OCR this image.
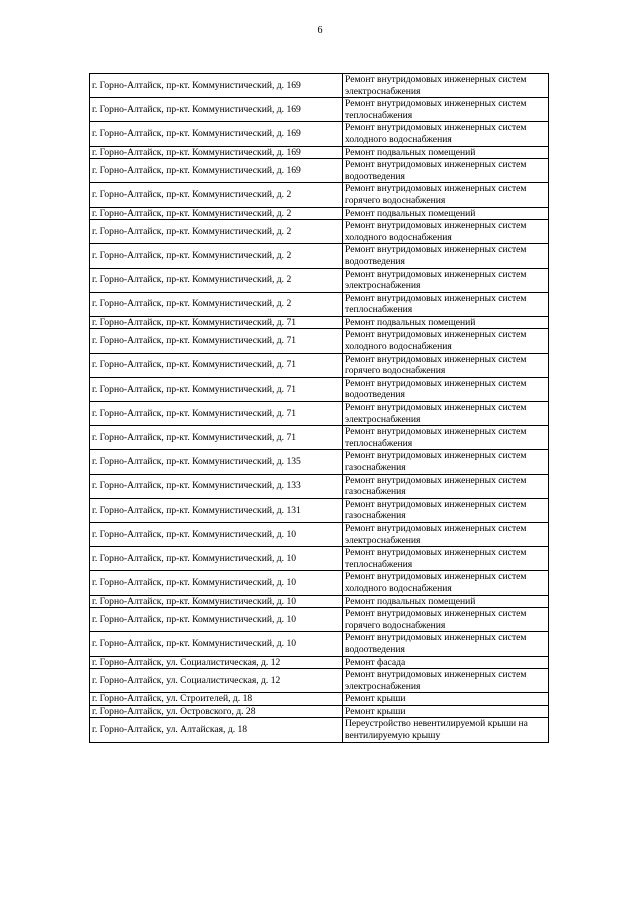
6
г. Горно-Алтайск, пр-кт. Коммунистический, д. 169	Ремонт внутридомовых инженерных систем электроснабжения
г. Горно-Алтайск, пр-кт. Коммунистический, д. 169	Ремонт внутридомовых инженерных систем теплоснабжения
г. Горно-Алтайск, пр-кт. Коммунистический, д. 169	Ремонт внутридомовых инженерных систем холодного водоснабжения
г. Горно-Алтайск, пр-кт. Коммунистический, д. 169	Ремонт подвальных помещений
г. Горно-Алтайск, пр-кт. Коммунистический, д. 169	Ремонт внутридомовых инженерных систем водоотведения
г. Горно-Алтайск, пр-кт. Коммунистический, д. 2	Ремонт внутридомовых инженерных систем горячего водоснабжения
г. Горно-Алтайск, пр-кт. Коммунистический, д. 2	Ремонт подвальных помещений
г. Горно-Алтайск, пр-кт. Коммунистический, д. 2	Ремонт внутридомовых инженерных систем холодного водоснабжения
г. Горно-Алтайск, пр-кт. Коммунистический, д. 2	Ремонт внутридомовых инженерных систем водоотведения
г. Горно-Алтайск, пр-кт. Коммунистический, д. 2	Ремонт внутридомовых инженерных систем электроснабжения
г. Горно-Алтайск, пр-кт. Коммунистический, д. 2	Ремонт внутридомовых инженерных систем теплоснабжения
г. Горно-Алтайск, пр-кт. Коммунистический, д. 71	Ремонт подвальных помещений
г. Горно-Алтайск, пр-кт. Коммунистический, д. 71	Ремонт внутридомовых инженерных систем холодного водоснабжения
г. Горно-Алтайск, пр-кт. Коммунистический, д. 71	Ремонт внутридомовых инженерных систем горячего водоснабжения
г. Горно-Алтайск, пр-кт. Коммунистический, д. 71	Ремонт внутридомовых инженерных систем водоотведения
г. Горно-Алтайск, пр-кт. Коммунистический, д. 71	Ремонт внутридомовых инженерных систем электроснабжения
г. Горно-Алтайск, пр-кт. Коммунистический, д. 71	Ремонт внутридомовых инженерных систем теплоснабжения
г. Горно-Алтайск, пр-кт. Коммунистический, д. 135	Ремонт внутридомовых инженерных систем газоснабжения
г. Горно-Алтайск, пр-кт. Коммунистический, д. 133	Ремонт внутридомовых инженерных систем газоснабжения
г. Горно-Алтайск, пр-кт. Коммунистический, д. 131	Ремонт внутридомовых инженерных систем газоснабжения
г. Горно-Алтайск, пр-кт. Коммунистический, д. 10	Ремонт внутридомовых инженерных систем электроснабжения
г. Горно-Алтайск, пр-кт. Коммунистический, д. 10	Ремонт внутридомовых инженерных систем теплоснабжения
г. Горно-Алтайск, пр-кт. Коммунистический, д. 10	Ремонт внутридомовых инженерных систем холодного водоснабжения
г. Горно-Алтайск, пр-кт. Коммунистический, д. 10	Ремонт подвальных помещений
г. Горно-Алтайск, пр-кт. Коммунистический, д. 10	Ремонт внутридомовых инженерных систем горячего водоснабжения
г. Горно-Алтайск, пр-кт. Коммунистический, д. 10	Ремонт внутридомовых инженерных систем водоотведения
г. Горно-Алтайск, ул. Социалистическая, д. 12	Ремонт фасада
г. Горно-Алтайск, ул. Социалистическая, д. 12	Ремонт внутридомовых инженерных систем электроснабжения
г. Горно-Алтайск, ул. Строителей, д. 18	Ремонт крыши
г. Горно-Алтайск, ул. Островского, д. 28	Ремонт крыши
г. Горно-Алтайск, ул. Алтайская, д. 18	Переустройство невентилируемой крыши на вентилируемую крышу
